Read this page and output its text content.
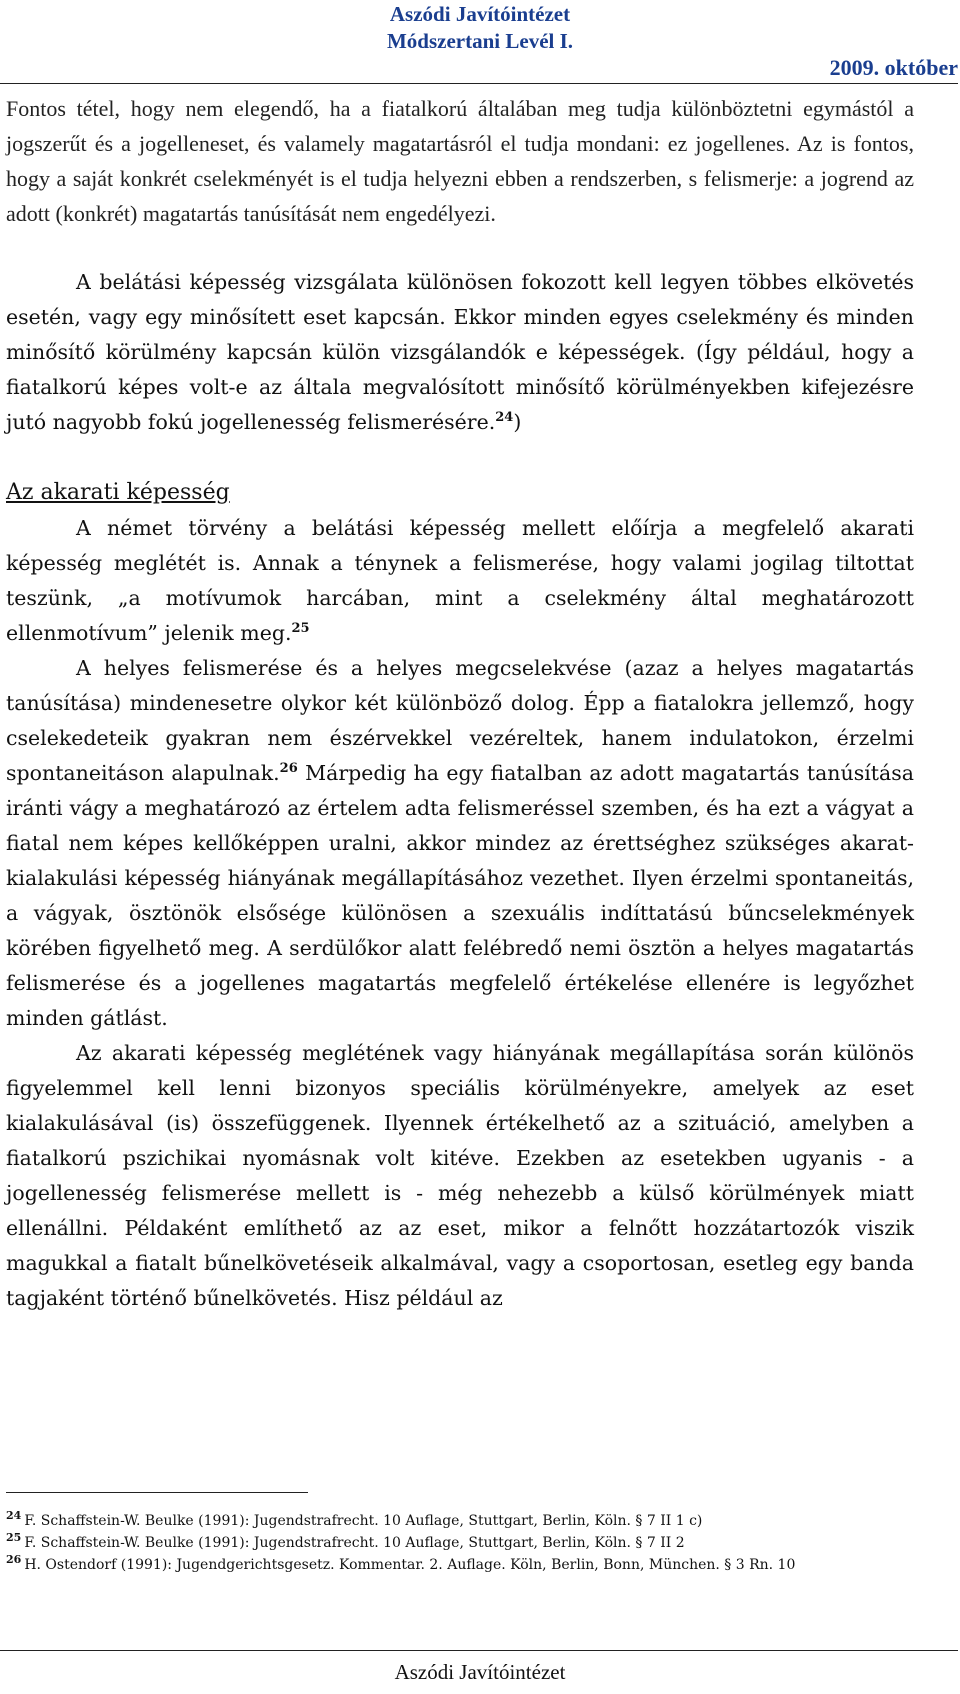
Aszódi Javítóintézet
Módszertani Levél I.
2009. október

Fontos tétel, hogy nem elegendő, ha a fiatalkorú általában meg tudja különböztetni egymástól a jogszerűt és a jogelleneset, és valamely magatartásról el tudja mondani: ez jogellenes. Az is fontos, hogy a saját konkrét cselekményét is el tudja helyezni ebben a rendszerben, s felismerje: a jogrend az adott (konkrét) magatartás tanúsítását nem engedélyezi.

A belátási képesség vizsgálata különösen fokozott kell legyen többes elkövetés esetén, vagy egy minősített eset kapcsán. Ekkor minden egyes cselekmény és minden minősítő körülmény kapcsán külön vizsgálandók e képességek. (Így például, hogy a fiatalkorú képes volt-e az általa megvalósított minősítő körülményekben kifejezésre jutó nagyobb fokú jogellenesség felismerésére.$^{24}$)

Az akarati képesség

A német törvény a belátási képesség mellett előírja a megfelelő akarati képesség meglétét is. Annak a ténynek a felismerése, hogy valami jogilag tiltottat teszünk, „a motívumok harcában, mint a cselekmény által meghatározott ellenmotívum” jelenik meg.$^{25}$

A helyes felismerése és a helyes megcselekvése (azaz a helyes magatartás tanúsítása) mindenesetre olykor két különböző dolog. Épp a fiatalokra jellemző, hogy cselekedeteik gyakran nem észérvekkel vezéreltek, hanem indulatokon, érzelmi spontaneitáson alapulnak.$^{26}$ Márpedig ha egy fiatalban az adott magatartás tanúsítása iránti vágy a meghatározó az értelem adta felismeréssel szemben, és ha ezt a vágyat a fiatal nem képes kellőképpen uralni, akkor mindez az érettséghez szükséges akarat-kialakulási képesség hiányának megállapításához vezethet. Ilyen érzelmi spontaneitás, a vágyak, ösztönök elsősége különösen a szexuális indíttatású bűncselekmények körében figyelhető meg. A serdülőkor alatt felébredő nemi ösztön a helyes magatartás felismerése és a jogellenes magatartás megfelelő értékelése ellenére is legyőzhet minden gátlást.

Az akarati képesség meglétének vagy hiányának megállapítása során különös figyelemmel kell lenni bizonyos speciális körülményekre, amelyek az eset kialakulásával (is) összefüggenek. Ilyennek értékelhető az a szituáció, amelyben a fiatalkorú pszichikai nyomásnak volt kitéve. Ezekben az esetekben ugyanis - a jogellenesség felismerése mellett is - még nehezebb a külső körülmények miatt ellenállni. Példaként említhető az az eset, mikor a felnőtt hozzátartozók viszik magukkal a fiatalt bűnelkövetéseik alkalmával, vagy a csoportosan, esetleg egy banda tagjaként történő bűnelkövetés. Hisz például az

$^{24}$ F. Schaffstein-W. Beulke (1991): Jugendstrafrecht. 10 Auflage, Stuttgart, Berlin, Köln. § 7 II 1 c)
$^{25}$ F. Schaffstein-W. Beulke (1991): Jugendstrafrecht. 10 Auflage, Stuttgart, Berlin, Köln. § 7 II 2
$^{26}$ H. Ostendorf (1991): Jugendgerichtsgesetz. Kommentar. 2. Auflage. Köln, Berlin, Bonn, München. § 3 Rn. 10
Aszódi Javítóintézet
